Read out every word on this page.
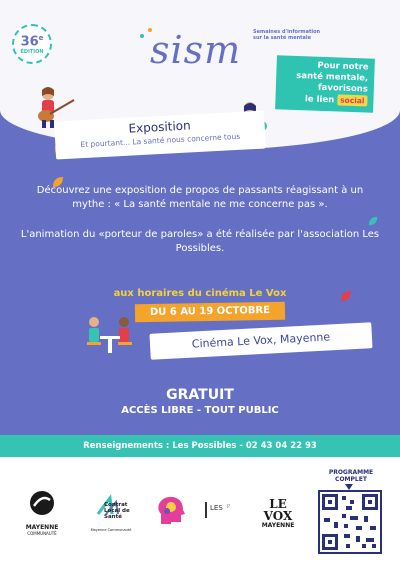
36e
ÉDITION	sism Semaines d'information sur la santé mentale
Pour notre
santé mentale,
favorisons
le lien social
Exposition
Et pourtant... La santé nous concerne tous
Découvrez une exposition de propos de passants réagissant à un mythe : « La santé mentale ne me concerne pas ».
L'animation du «porteur de paroles» a été réalisée par l'association Les Possibles.
aux horaires du cinéma Le Vox
DU 6 AU 19 OCTOBRE
Cinéma Le Vox, Mayenne
GRATUIT
ACCÈS LIBRE - TOUT PUBLIC
Renseignements : Les Possibles - 02 43 04 22 93
MAYENNE
COMMUNAUTÉ
Contrat Local de Santé
Mayenne Communauté
LES P	LE VOX
MAYENNE
PROGRAMME COMPLET
